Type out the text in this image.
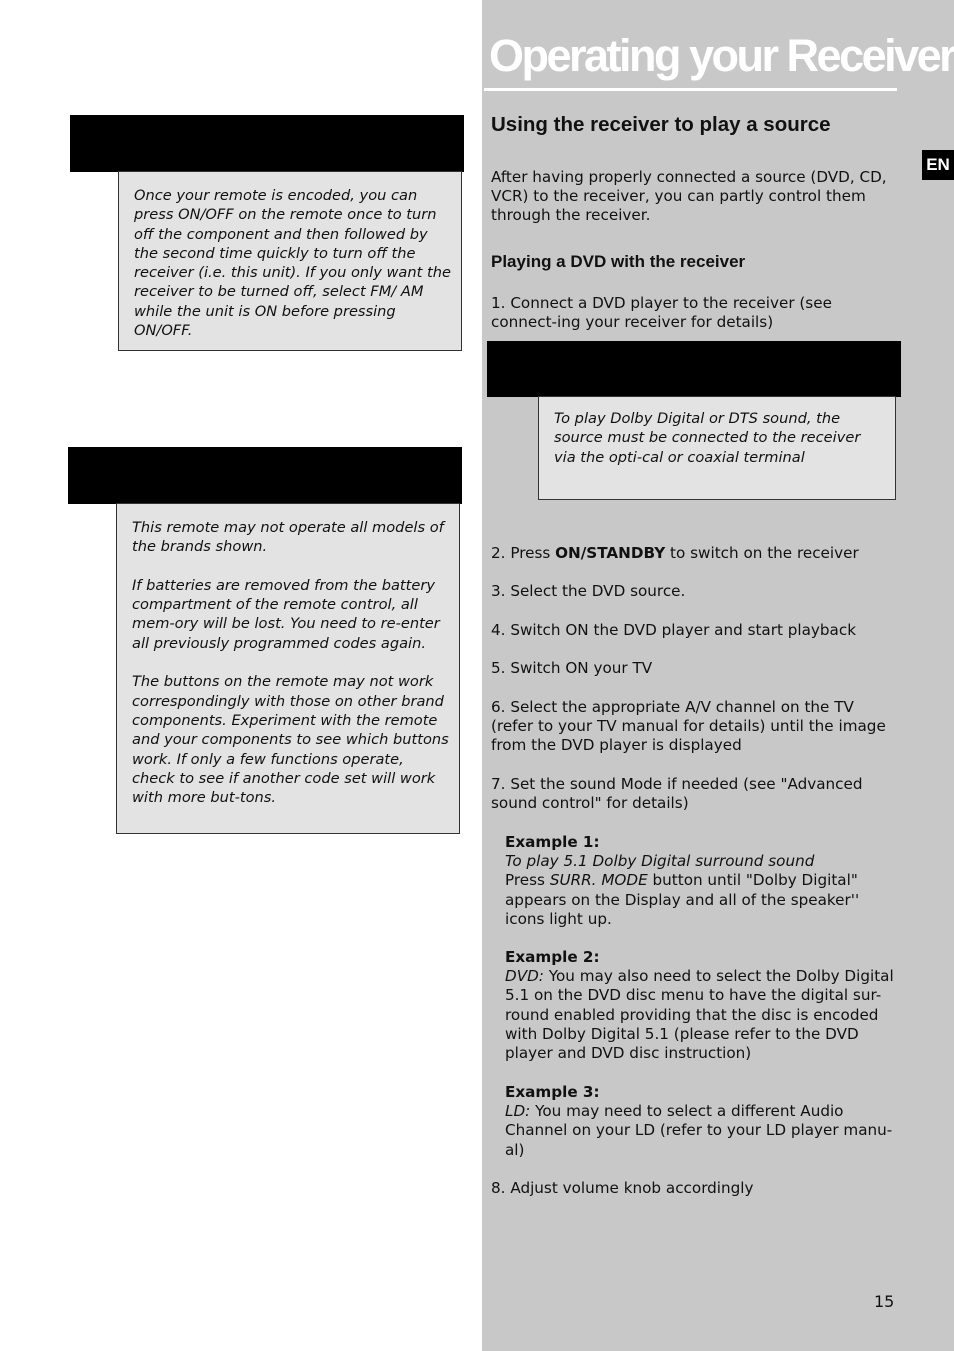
Operating your Receiver
EN

Once your remote is encoded, you can press ON/OFF on the remote once to turn off the component and then followed by the second time quickly to turn off the receiver (i.e. this unit). If you only want the receiver to be turned off, select FM/ AM while the unit is ON before pressing ON/OFF.

This remote may not operate all models of the brands shown.

If batteries are removed from the battery compartment of the remote control, all mem-ory will be lost. You need to re-enter all previously programmed codes again.

The buttons on the remote may not work correspondingly with those on other brand components. Experiment with the remote and your components to see which buttons work. If only a few functions operate, check to see if another code set will work with more but-tons.

Using the receiver to play a source

After having properly connected a source (DVD, CD, VCR) to the receiver, you can partly control them through the receiver.

Playing a DVD with the receiver

1. Connect a DVD player to the receiver (see connect-ing your receiver for details)

To play Dolby Digital or DTS sound, the source must be connected to the receiver via the opti-cal or coaxial terminal

2. Press ON/STANDBY to switch on the receiver

3. Select the DVD source.

4. Switch ON the DVD player and start playback

5. Switch ON your TV

6. Select the appropriate A/V channel on the TV (refer to your TV manual for details) until the image from the DVD player is displayed

7. Set the sound Mode if needed (see "Advanced sound control" for details)

Example 1:

To play 5.1 Dolby Digital surround sound

Press SURR. MODE button until "Dolby Digital" appears on the Display and all of the speaker'' icons light up.

Example 2:

DVD: You may also need to select the Dolby Digital 5.1 on the DVD disc menu to have the digital sur-round enabled providing that the disc is encoded with Dolby Digital 5.1 (please refer to the DVD player and DVD disc instruction)

Example 3:

LD: You may need to select a different Audio Channel on your LD (refer to your LD player manu-al)

8. Adjust volume knob accordingly

15
